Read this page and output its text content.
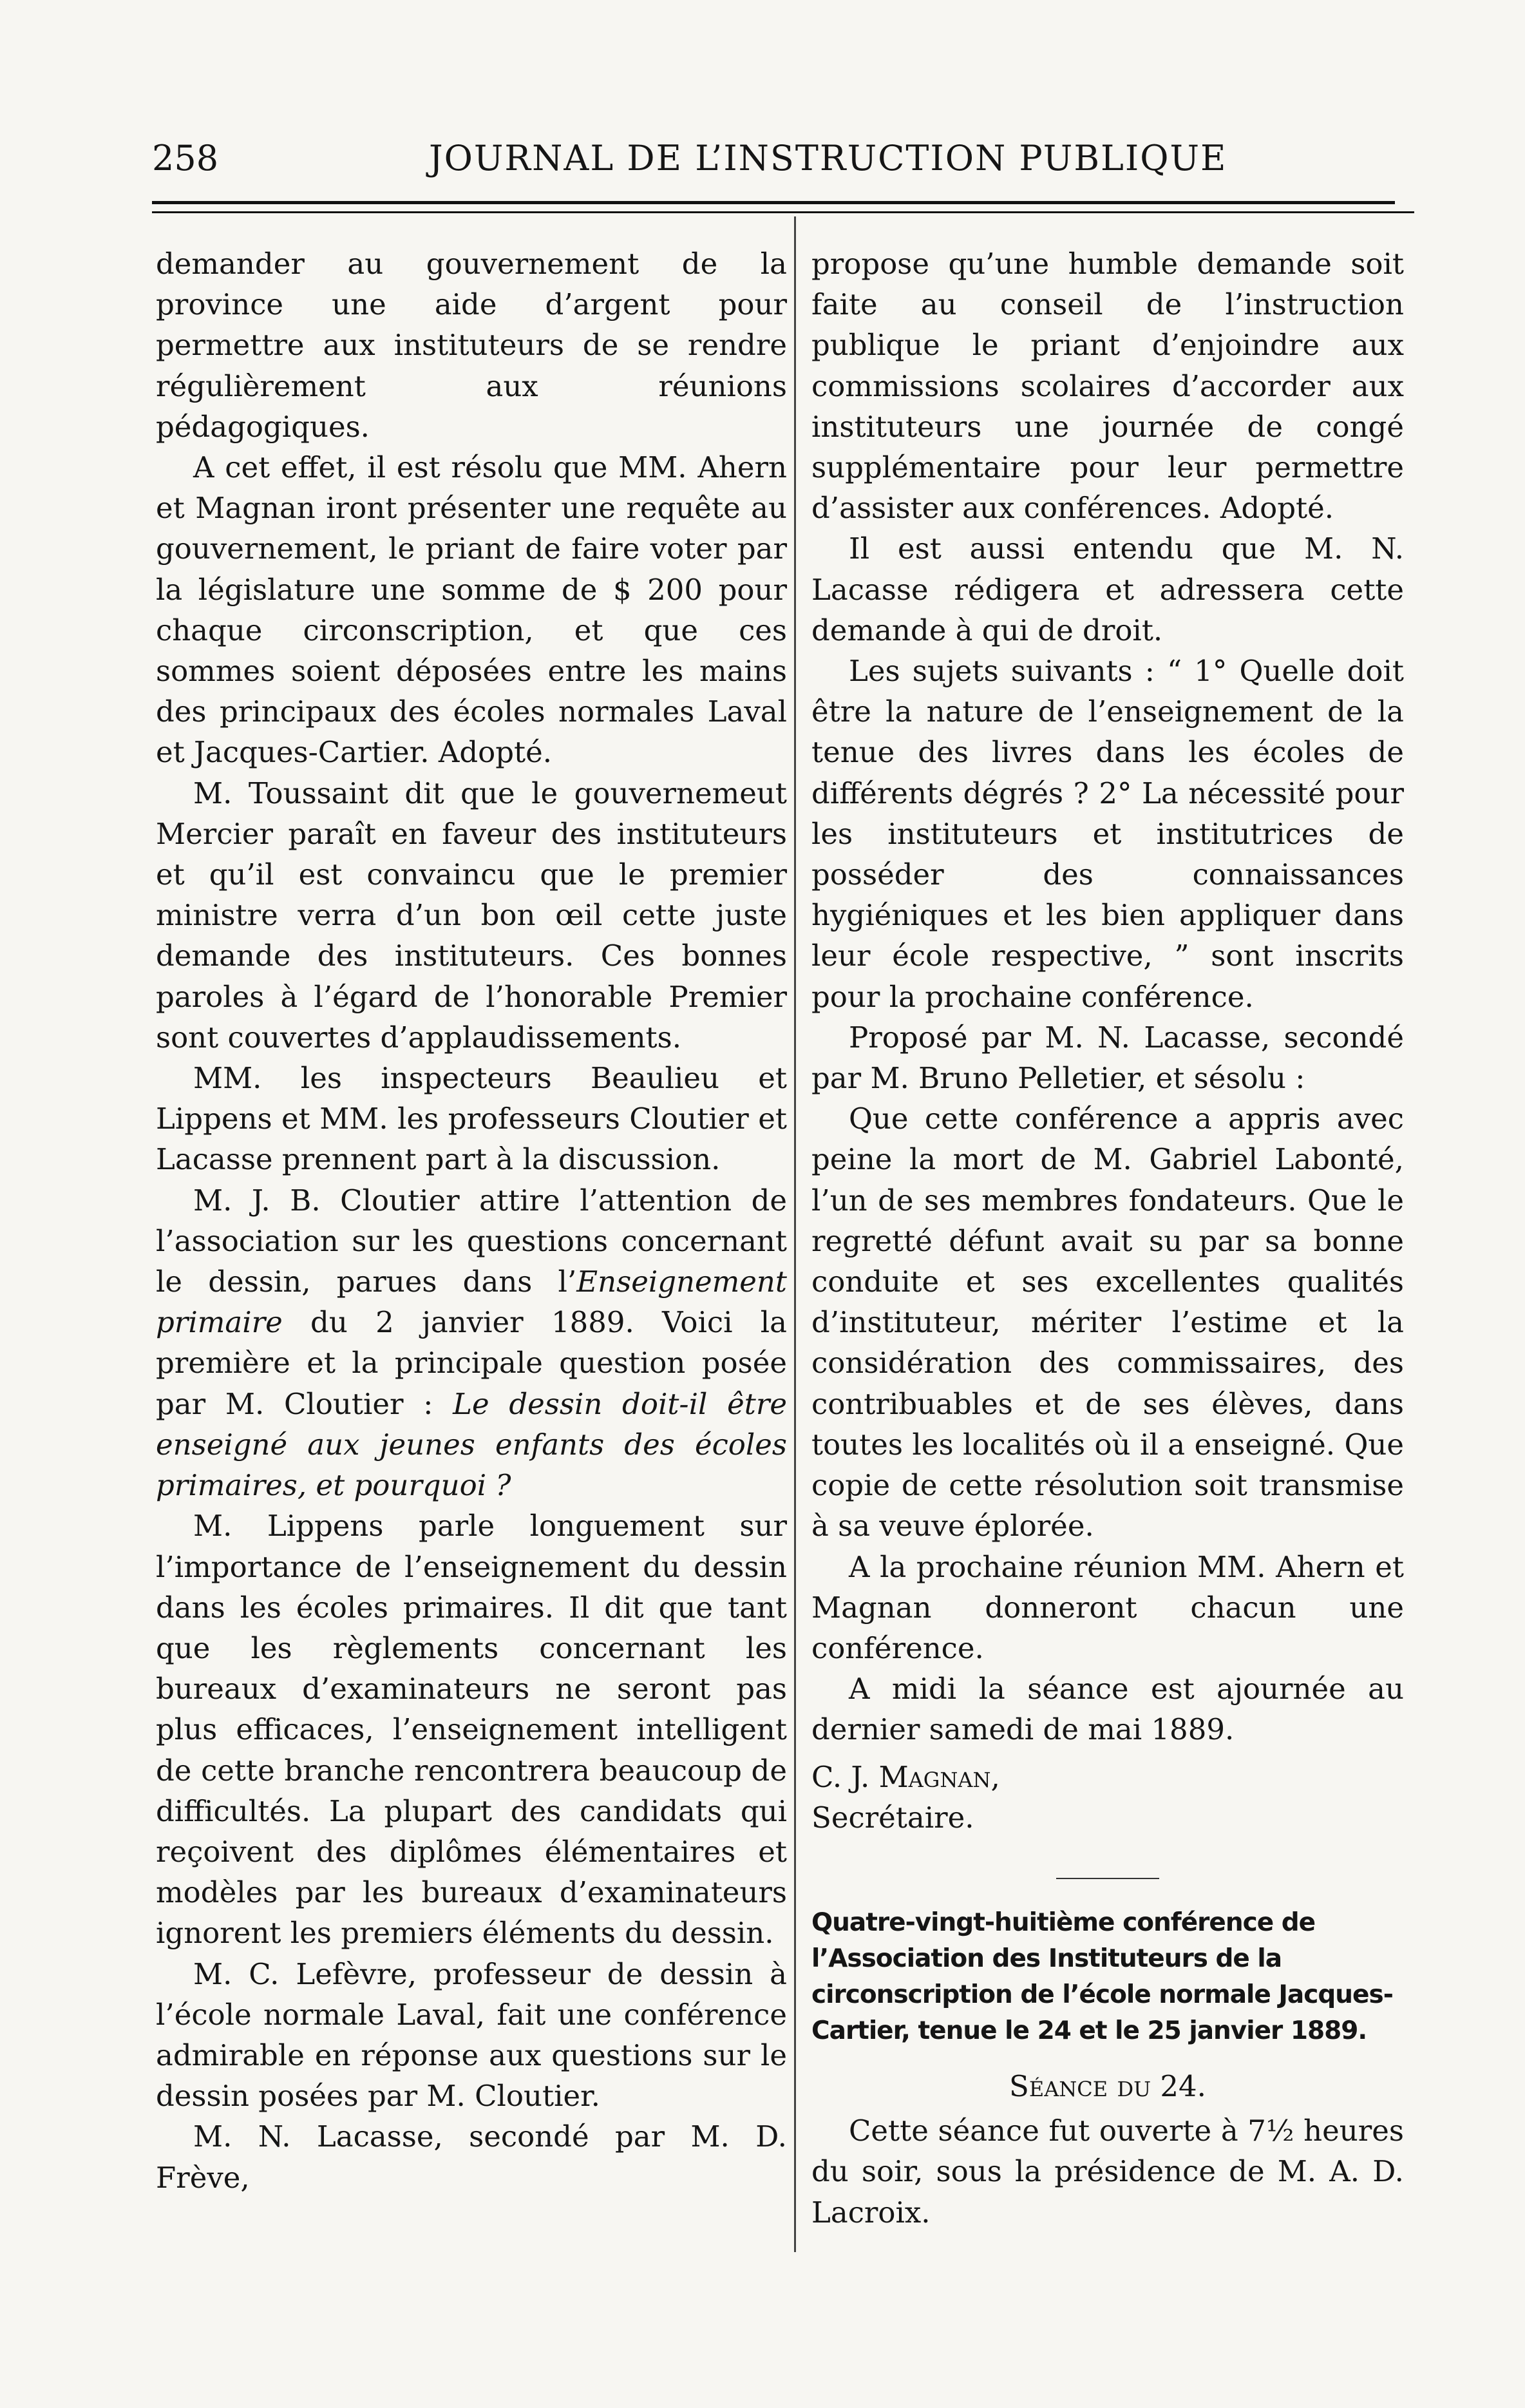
258	JOURNAL DE L’INSTRUCTION PUBLIQUE

demander au gouvernement de la province une aide d’argent pour permettre aux instituteurs de se rendre régulièrement aux réunions pédagogiques.

A cet effet, il est résolu que MM. Ahern et Magnan iront présenter une requête au gouvernement, le priant de faire voter par la législature une somme de $ 200 pour chaque circonscription, et que ces sommes soient déposées entre les mains des principaux des écoles normales Laval et Jacques-Cartier. Adopté.

M. Toussaint dit que le gouvernemeut Mercier paraît en faveur des instituteurs et qu’il est convaincu que le premier ministre verra d’un bon œil cette juste demande des instituteurs. Ces bonnes paroles à l’égard de l’honorable Premier sont couvertes d’applaudissements.

MM. les inspecteurs Beaulieu et Lippens et MM. les professeurs Cloutier et Lacasse prennent part à la discussion.

M. J. B. Cloutier attire l’attention de l’association sur les questions concernant le dessin, parues dans l’Enseignement primaire du 2 janvier 1889. Voici la première et la principale question posée par M. Cloutier : Le dessin doit-il être enseigné aux jeunes enfants des écoles primaires, et pourquoi ?

M. Lippens parle longuement sur l’importance de l’enseignement du dessin dans les écoles primaires. Il dit que tant que les règlements concernant les bureaux d’examinateurs ne seront pas plus efficaces, l’enseignement intelligent de cette branche rencontrera beaucoup de difficultés. La plupart des candidats qui reçoivent des diplômes élémentaires et modèles par les bureaux d’examinateurs ignorent les premiers éléments du dessin.

M. C. Lefèvre, professeur de dessin à l’école normale Laval, fait une conférence admirable en réponse aux questions sur le dessin posées par M. Cloutier.

M. N. Lacasse, secondé par M. D. Frève,

propose qu’une humble demande soit faite au conseil de l’instruction publique le priant d’enjoindre aux commissions scolaires d’accorder aux instituteurs une journée de congé supplémentaire pour leur permettre d’assister aux conférences. Adopté.

Il est aussi entendu que M. N. Lacasse rédigera et adressera cette demande à qui de droit.

Les sujets suivants : “ 1° Quelle doit être la nature de l’enseignement de la tenue des livres dans les écoles de différents dégrés ? 2° La nécessité pour les instituteurs et institutrices de posséder des connaissances hygiéniques et les bien appliquer dans leur école respective, ” sont inscrits pour la prochaine conférence.

Proposé par M. N. Lacasse, secondé par M. Bruno Pelletier, et sésolu :

Que cette conférence a appris avec peine la mort de M. Gabriel Labonté, l’un de ses membres fondateurs. Que le regretté défunt avait su par sa bonne conduite et ses excellentes qualités d’instituteur, mériter l’estime et la considération des commissaires, des contribuables et de ses élèves, dans toutes les localités où il a enseigné. Que copie de cette résolution soit transmise à sa veuve éplorée.

A la prochaine réunion MM. Ahern et Magnan donneront chacun une conférence.

A midi la séance est ajournée au dernier samedi de mai 1889.

C. J. Magnan,

Secrétaire.

Quatre-vingt-huitième conférence de l’Association des Instituteurs de la circonscription de l’école normale Jacques-Cartier, tenue le 24 et le 25 janvier 1889.

Séance du 24.

Cette séance fut ouverte à 7½ heures du soir, sous la présidence de M. A. D. Lacroix.
